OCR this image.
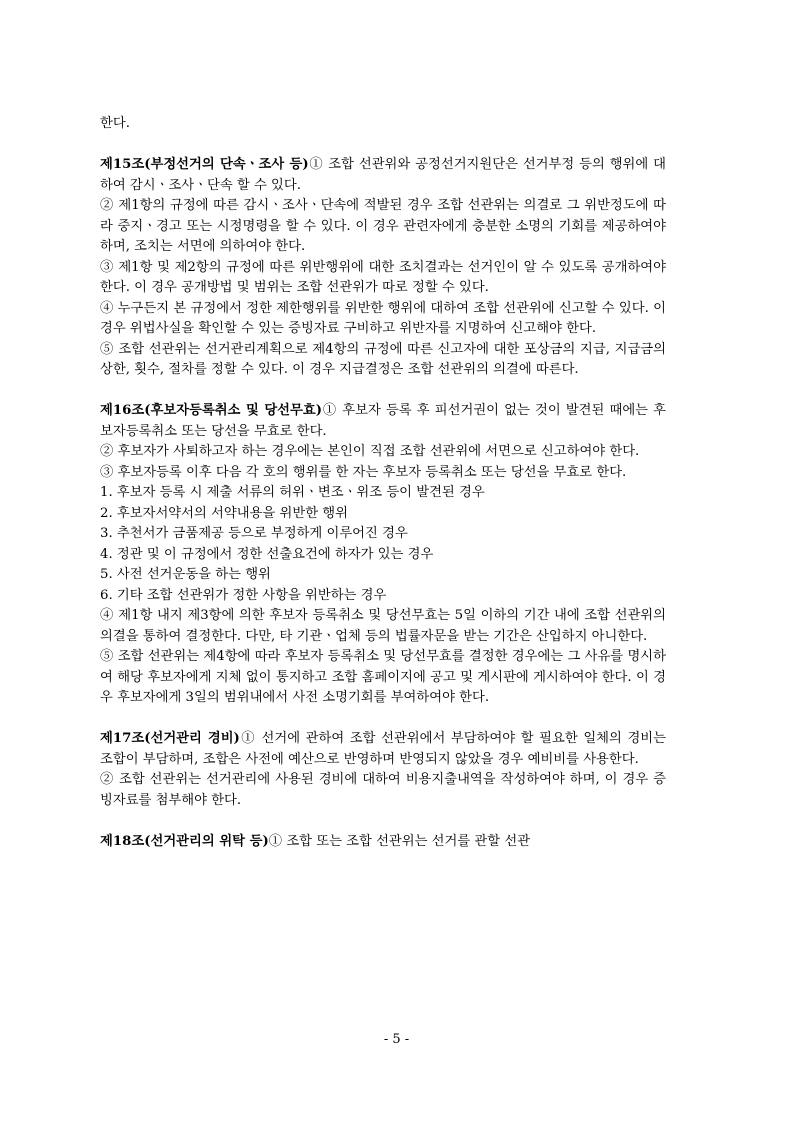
한다.

제15조(부정선거의 단속ㆍ조사 등)① 조합 선관위와 공정선거지원단은 선거부정 등의 행위에 대하여 감시ㆍ조사ㆍ단속 할 수 있다.

② 제1항의 규정에 따른 감시ㆍ조사ㆍ단속에 적발된 경우 조합 선관위는 의결로 그 위반정도에 따라 중지ㆍ경고 또는 시정명령을 할 수 있다. 이 경우 관련자에게 충분한 소명의 기회를 제공하여야 하며, 조치는 서면에 의하여야 한다.

③ 제1항 및 제2항의 규정에 따른 위반행위에 대한 조치결과는 선거인이 알 수 있도록 공개하여야 한다. 이 경우 공개방법 및 범위는 조합 선관위가 따로 정할 수 있다.

④ 누구든지 본 규정에서 정한 제한행위를 위반한 행위에 대하여 조합 선관위에 신고할 수 있다. 이 경우 위법사실을 확인할 수 있는 증빙자료 구비하고 위반자를 지명하여 신고해야 한다.

⑤ 조합 선관위는 선거관리계획으로 제4항의 규정에 따른 신고자에 대한 포상금의 지급, 지급금의 상한, 횟수, 절차를 정할 수 있다. 이 경우 지급결정은 조합 선관위의 의결에 따른다.

제16조(후보자등록취소 및 당선무효)① 후보자 등록 후 피선거권이 없는 것이 발견된 때에는 후보자등록취소 또는 당선을 무효로 한다.

② 후보자가 사퇴하고자 하는 경우에는 본인이 직접 조합 선관위에 서면으로 신고하여야 한다.

③ 후보자등록 이후 다음 각 호의 행위를 한 자는 후보자 등록취소 또는 당선을 무효로 한다.

1. 후보자 등록 시 제출 서류의 허위ㆍ변조ㆍ위조 등이 발견된 경우

2. 후보자서약서의 서약내용을 위반한 행위

3. 추천서가 금품제공 등으로 부정하게 이루어진 경우

4. 정관 및 이 규정에서 정한 선출요건에 하자가 있는 경우

5. 사전 선거운동을 하는 행위

6. 기타 조합 선관위가 정한 사항을 위반하는 경우

④ 제1항 내지 제3항에 의한 후보자 등록취소 및 당선무효는 5일 이하의 기간 내에 조합 선관위의 의결을 통하여 결정한다. 다만, 타 기관ㆍ업체 등의 법률자문을 받는 기간은 산입하지 아니한다.

⑤ 조합 선관위는 제4항에 따라 후보자 등록취소 및 당선무효를 결정한 경우에는 그 사유를 명시하여 해당 후보자에게 지체 없이 통지하고 조합 홈페이지에 공고 및 게시판에 게시하여야 한다. 이 경우 후보자에게 3일의 범위내에서 사전 소명기회를 부여하여야 한다.

제17조(선거관리 경비)① 선거에 관하여 조합 선관위에서 부담하여야 할 필요한 일체의 경비는 조합이 부담하며, 조합은 사전에 예산으로 반영하며 반영되지 않았을 경우 예비비를 사용한다.

② 조합 선관위는 선거관리에 사용된 경비에 대하여 비용지출내역을 작성하여야 하며, 이 경우 증빙자료를 첨부해야 한다.

제18조(선거관리의 위탁 등)① 조합 또는 조합 선관위는 선거를 관할 선관

- 5 -
